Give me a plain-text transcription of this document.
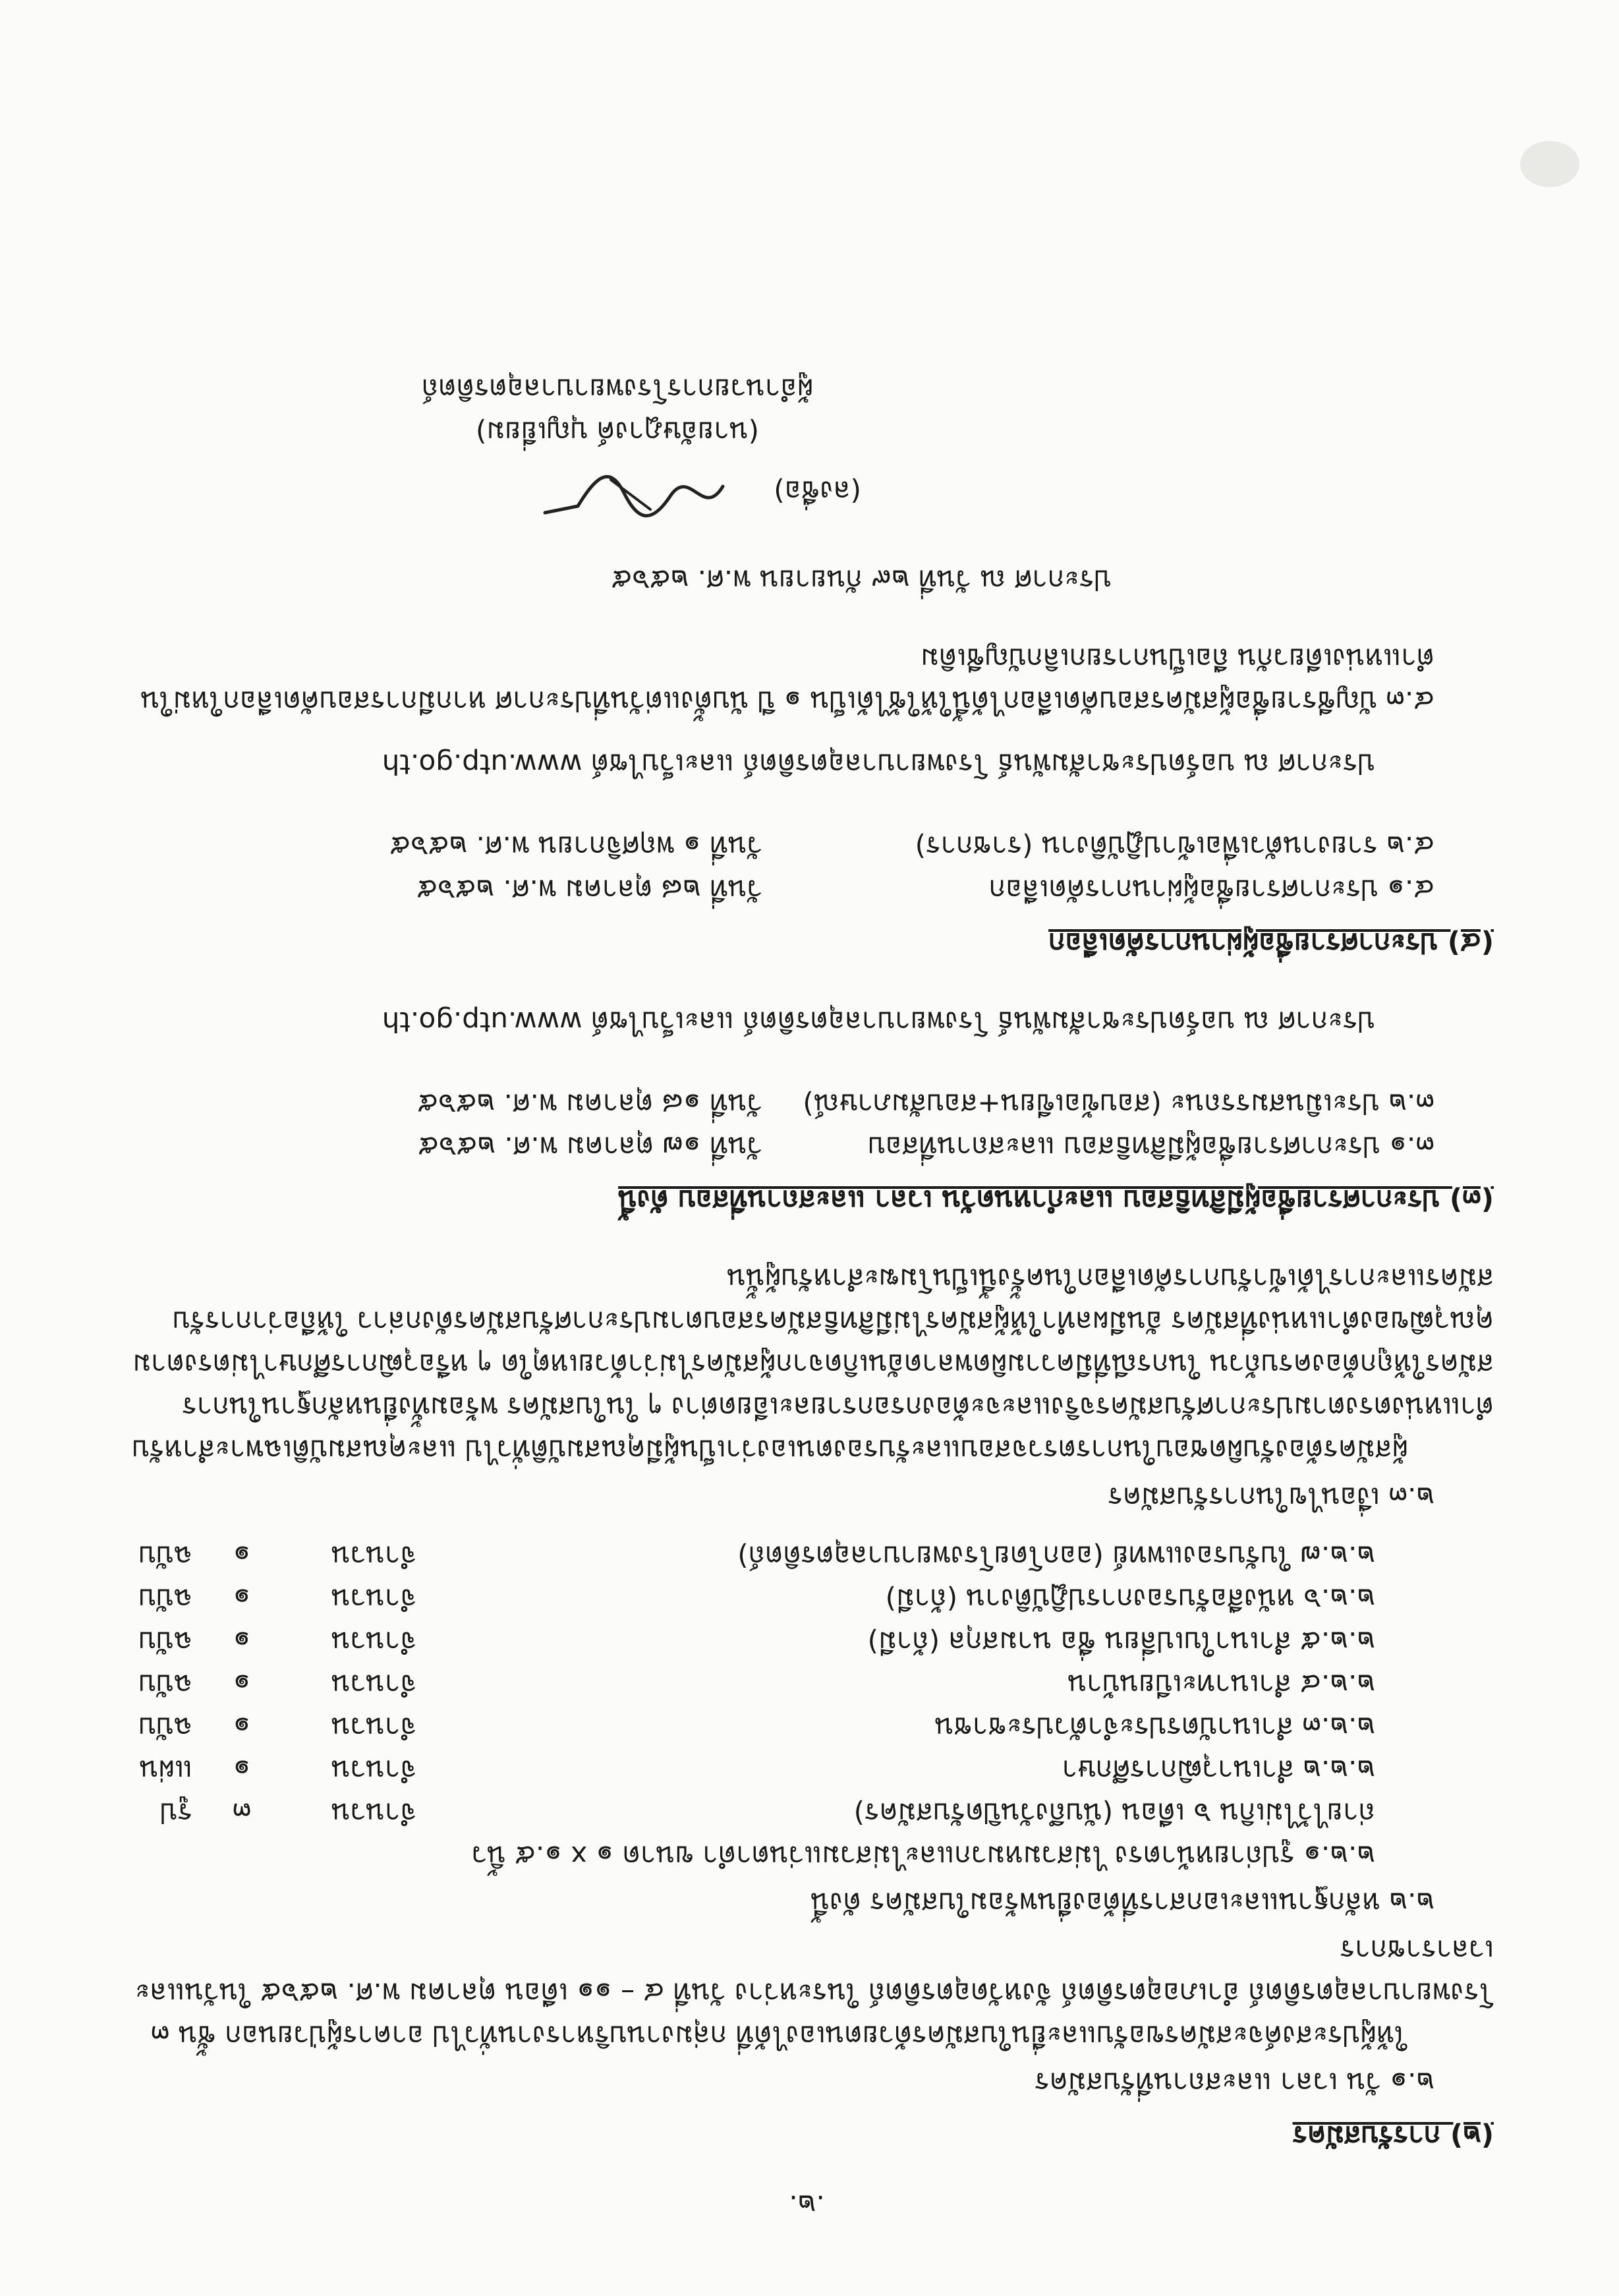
.๒.
(๒) การรับสมัคร

๒.๑ วัน เวลา และสถานที่รับสมัคร

ให้ผู้ประสงค์จะสมัครขอรับและยื่นใบสมัครด้วยตนเองได้ที่ กลุ่มงานบริหารงานทั่วไป อาคารผู้ป่วยนอก ชั้น ๓ โรงพยาบาลอุตรดิตถ์ อำเภออุตรดิตถ์ จังหวัดอุตรดิตถ์ ในระหว่าง วันที่ ๔ – ๑๑ เดือน ตุลาคม พ.ศ. ๒๕๖๕ ในวันและเวลาราชการ

๒.๒ หลักฐานและเอกสารที่ต้องยื่นพร้อมใบสมัคร ดังนี้

๒.๒.๑ รูปถ่ายหน้าตรง ไม่สวมหมวกและไม่สวมแว่นตาดำ ขนาด ๑ x ๑.๕ นิ้ว
ถ่ายไว้ไม่เกิน ๖ เดือน (นับถึงวันปิดรับสมัคร)
จำนวน
๓
รูป
๒.๒.๒ สำเนาวุฒิการศึกษา
จำนวน
๑
แผ่น
๒.๒.๓ สำเนาบัตรประจำตัวประชาชน
จำนวน
๑
ฉบับ
๒.๒.๔ สำเนาทะเบียนบ้าน
จำนวน
๑
ฉบับ
๒.๒.๕ สำเนาใบเปลี่ยน ชื่อ นามสกุล (ถ้ามี)
จำนวน
๑
ฉบับ
๒.๒.๖ หนังสือรับรองการปฏิบัติงาน (ถ้ามี)
จำนวน
๑
ฉบับ
๒.๒.๗ ใบรับรองแพทย์ (ออกโดยโรงพยาบาลอุตรดิตถ์)
จำนวน
๑
ฉบับ

๒.๓ เงื่อนไขในการรับสมัคร

ผู้สมัครต้องรับผิดชอบในการตรวจสอบและรับรองตนเองว่าเป็นผู้มีคุณสมบัติทั่วไป และคุณสมบัติเฉพาะสำหรับตำแหน่งตรงตามประกาศรับสมัครจริงและจะต้องกรอกรายละเอียดต่าง ๆ ในใบสมัคร พร้อมทั้งยื่นหลักฐานในการสมัครให้ถูกต้องครบถ้วน ในกรณีที่มีความผิดพลาดอันเกิดจากผู้สมัครไม่ว่าด้วยเหตุใด ๆ หรือวุฒิการศึกษาไม่ตรงตามคุณวุฒิของตำแหน่งที่สมัคร อันมีผลทำให้ผู้สมัครไม่มีสิทธิสมัครสอบตามประกาศรับสมัครดังกล่าว ให้ถือว่าการรับสมัครและการได้เข้ารับการคัดเลือกในครั้งนี้เป็นโมฆะสำหรับผู้นั้น

(๓) ประกาศรายชื่อผู้มีสิทธิสอบ และกำหนดวัน เวลา และสถานที่สอบ ดังนี้
๓.๑ ประกาศรายชื่อผู้มีสิทธิสอบ และสถานที่สอบ
วันที่ ๑๗ ตุลาคม พ.ศ. ๒๕๖๕
๓.๒ ประเมินสมรรถนะ (สอบข้อเขียน+สอบสัมภาษณ์)
วันที่ ๑๘ ตุลาคม พ.ศ. ๒๕๖๕

ประกาศ ณ บอร์ดประชาสัมพันธ์ โรงพยาบาลอุตรดิตถ์ และเว็บไซต์ www.utp.go.th

(๔) ประกาศรายชื่อผู้ผ่านการคัดเลือก
๔.๑ ประกาศรายชื่อผู้ผ่านการคัดเลือก
วันที่ ๒๘ ตุลาคม พ.ศ. ๒๕๖๕
๔.๒ รายงานตัวเพื่อเข้าปฏิบัติงาน (ราชการ)
วันที่ ๑ พฤศจิกายน พ.ศ. ๒๕๖๕

ประกาศ ณ บอร์ดประชาสัมพันธ์ โรงพยาบาลอุตรดิตถ์ และเว็บไซต์ www.utp.go.th

๔.๓ บัญชีรายชื่อผู้สมัครสอบคัดเลือกได้นี้ให้ใช้ได้เป็น ๑ ปี นับตั้งแต่วันที่ประกาศ หากมีการสอบคัดเลือกใหม่ในตำแหน่งเดียวกัน ถือเป็นการยกเลิกบัญชีเดิม

ประกาศ ณ วันที่ ๒๙ กันยายน พ.ศ. ๒๕๖๕

(ลงชื่อ)
(นายอัษฎางค์ บุญเยี่ยม)
ผู้อำนวยการโรงพยาบาลอุตรดิตถ์
